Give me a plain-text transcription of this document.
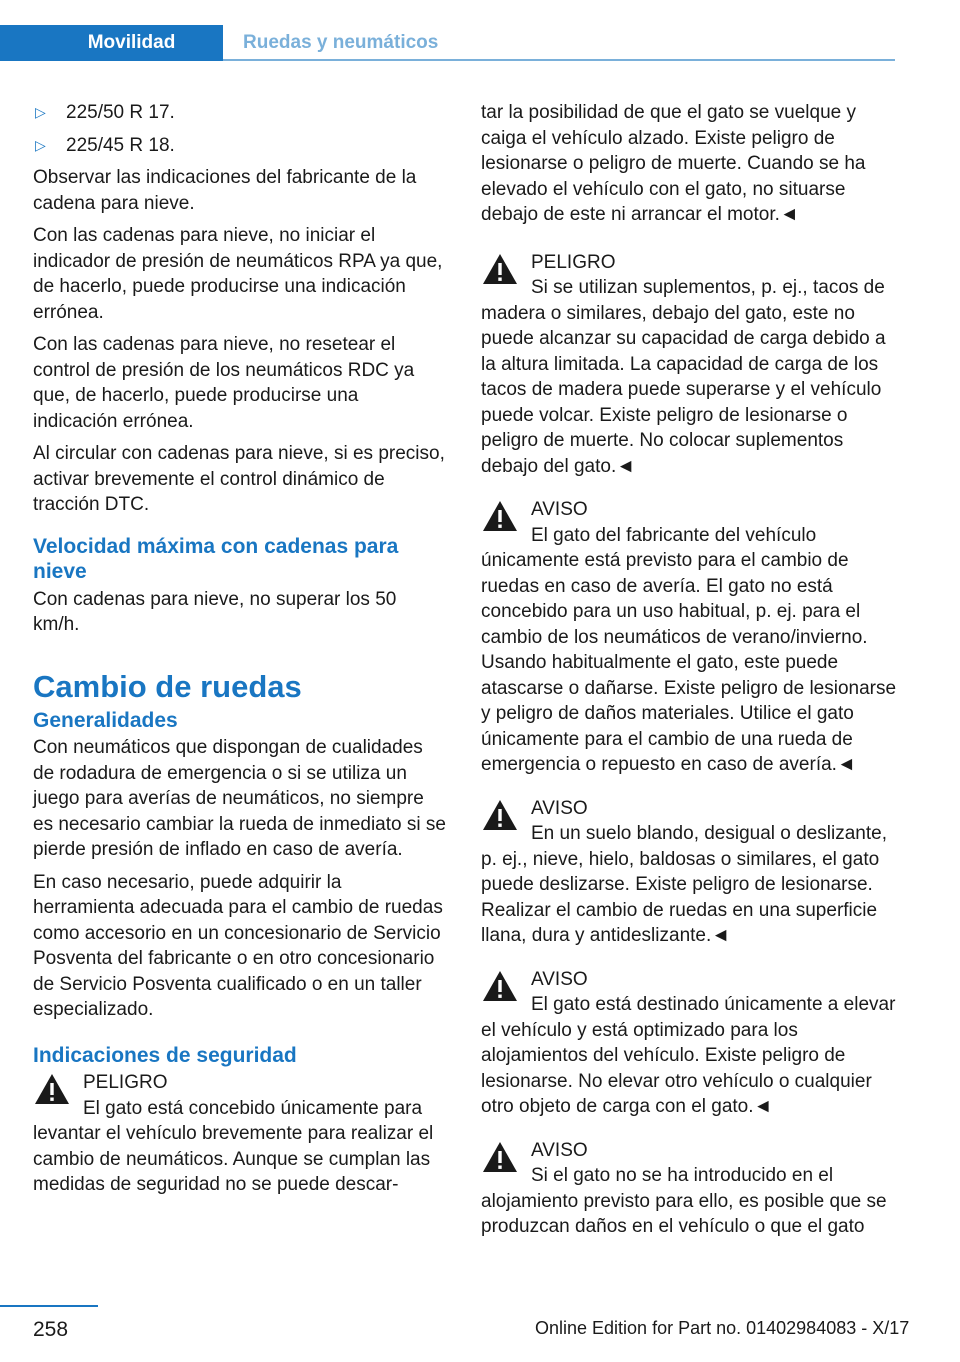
Movilidad	Ruedas y neumáticos
▷	225/50 R 17.
▷	225/45 R 18.

Observar las indicaciones del fabricante de la cadena para nieve.

Con las cadenas para nieve, no iniciar el indicador de presión de neumáticos RPA ya que, de hacerlo, puede producirse una indicación errónea.

Con las cadenas para nieve, no resetear el control de presión de los neumáticos RDC ya que, de hacerlo, puede producirse una indicación errónea.

Al circular con cadenas para nieve, si es preciso, activar brevemente el control dinámico de tracción DTC.

Velocidad máxima con cadenas para nieve

Con cadenas para nieve, no superar los 50 km/h.

Cambio de ruedas
Generalidades

Con neumáticos que dispongan de cualidades de rodadura de emergencia o si se utiliza un juego para averías de neumáticos, no siempre es necesario cambiar la rueda de inmediato si se pierde presión de inflado en caso de avería.

En caso necesario, puede adquirir la herramienta adecuada para el cambio de ruedas como accesorio en un concesionario de Servicio Posventa del fabricante o en otro concesionario de Servicio Posventa cualificado o en un taller especializado.

Indicaciones de seguridad
PELIGRO
El gato está concebido únicamente para levantar el vehículo brevemente para realizar el cambio de neumáticos. Aunque se cumplan las medidas de seguridad no se puede descar-

tar la posibilidad de que el gato se vuelque y caiga el vehículo alzado. Existe peligro de lesionarse o peligro de muerte. Cuando se ha elevado el vehículo con el gato, no situarse debajo de este ni arrancar el motor.◄

PELIGRO
Si se utilizan suplementos, p. ej., tacos de madera o similares, debajo del gato, este no puede alcanzar su capacidad de carga debido a la altura limitada. La capacidad de carga de los tacos de madera puede superarse y el vehículo puede volcar. Existe peligro de lesionarse o peligro de muerte. No colocar suplementos debajo del gato.◄
AVISO
El gato del fabricante del vehículo únicamente está previsto para el cambio de ruedas en caso de avería. El gato no está concebido para un uso habitual, p. ej. para el cambio de los neumáticos de verano/invierno. Usando habitualmente el gato, este puede atascarse o dañarse. Existe peligro de lesionarse y peligro de daños materiales. Utilice el gato únicamente para el cambio de una rueda de emergencia o repuesto en caso de avería.◄
AVISO
En un suelo blando, desigual o deslizante, p. ej., nieve, hielo, baldosas o similares, el gato puede deslizarse. Existe peligro de lesionarse. Realizar el cambio de ruedas en una superficie llana, dura y antideslizante.◄
AVISO
El gato está destinado únicamente a elevar el vehículo y está optimizado para los alojamientos del vehículo. Existe peligro de lesionarse. No elevar otro vehículo o cualquier otro objeto de carga con el gato.◄
AVISO
Si el gato no se ha introducido en el alojamiento previsto para ello, es posible que se produzcan daños en el vehículo o que el gato
258	Online Edition for Part no. 01402984083 - X/17
